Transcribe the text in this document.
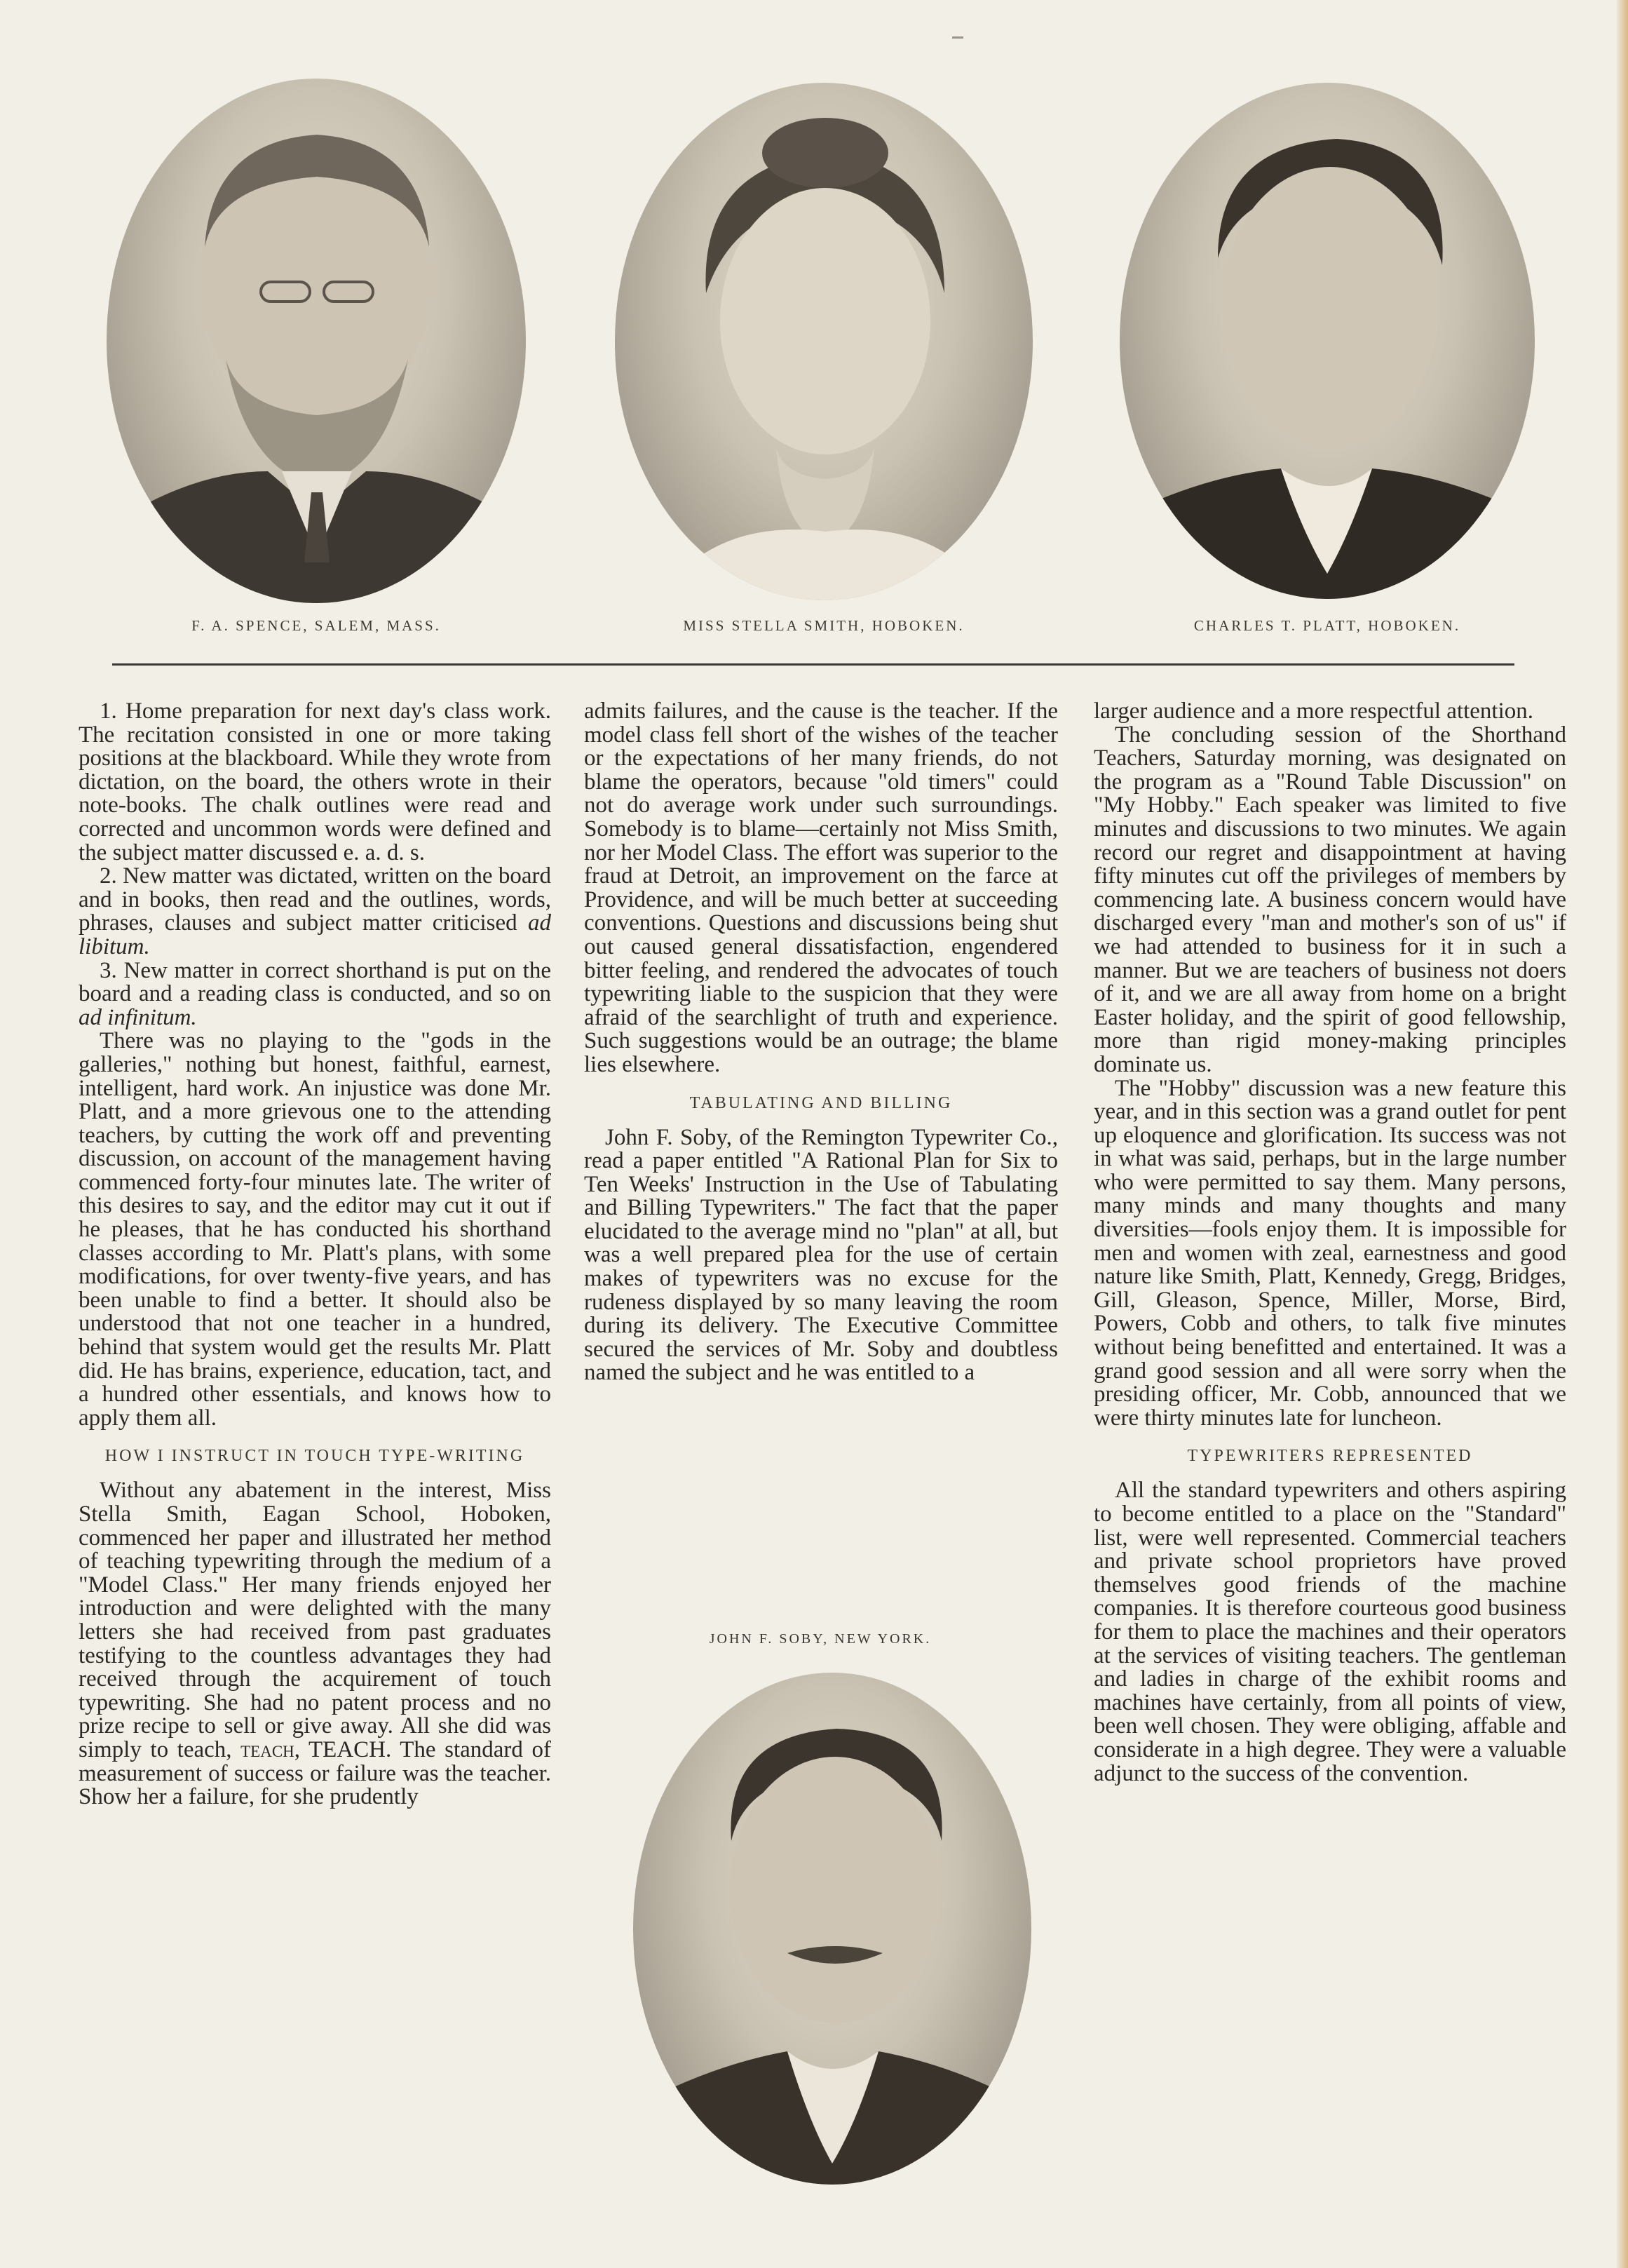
F. A. SPENCE, SALEM, MASS.	MISS STELLA SMITH, HOBOKEN.	CHARLES T. PLATT, HOBOKEN.

1. Home preparation for next day's class work. The recitation consisted in one or more taking positions at the blackboard. While they wrote from dictation, on the board, the others wrote in their note-books. The chalk outlines were read and corrected and uncommon words were defined and the subject matter discussed e. a. d. s.

2. New matter was dictated, written on the board and in books, then read and the outlines, words, phrases, clauses and subject matter criticised ad libitum.

3. New matter in correct shorthand is put on the board and a reading class is conducted, and so on ad infinitum.

There was no playing to the "gods in the galleries," nothing but honest, faithful, earnest, intelligent, hard work. An injustice was done Mr. Platt, and a more grievous one to the attending teachers, by cutting the work off and preventing discussion, on account of the management having commenced forty-four minutes late. The writer of this desires to say, and the editor may cut it out if he pleases, that he has conducted his shorthand classes according to Mr. Platt's plans, with some modifications, for over twenty-five years, and has been unable to find a better. It should also be understood that not one teacher in a hundred, behind that system would get the results Mr. Platt did. He has brains, experience, education, tact, and a hundred other essentials, and knows how to apply them all.

HOW I INSTRUCT IN TOUCH TYPE-WRITING

Without any abatement in the interest, Miss Stella Smith, Eagan School, Hoboken, commenced her paper and illustrated her method of teaching typewriting through the medium of a "Model Class." Her many friends enjoyed her introduction and were delighted with the many letters she had received from past graduates testifying to the countless advantages they had received through the acquirement of touch typewriting. She had no patent process and no prize recipe to sell or give away. All she did was simply to teach, teach, TEACH. The standard of measurement of success or failure was the teacher. Show her a failure, for she prudently

admits failures, and the cause is the teacher. If the model class fell short of the wishes of the teacher or the expectations of her many friends, do not blame the operators, because "old timers" could not do average work under such surroundings. Somebody is to blame—certainly not Miss Smith, nor her Model Class. The effort was superior to the fraud at Detroit, an improvement on the farce at Providence, and will be much better at succeeding conventions. Questions and discussions being shut out caused general dissatisfaction, engendered bitter feeling, and rendered the advocates of touch typewriting liable to the suspicion that they were afraid of the searchlight of truth and experience. Such suggestions would be an outrage; the blame lies elsewhere.

TABULATING AND BILLING

John F. Soby, of the Remington Typewriter Co., read a paper entitled "A Rational Plan for Six to Ten Weeks' Instruction in the Use of Tabulating and Billing Typewriters." The fact that the paper elucidated to the average mind no "plan" at all, but was a well prepared plea for the use of certain makes of typewriters was no excuse for the rudeness displayed by so many leaving the room during its delivery. The Executive Committee secured the services of Mr. Soby and doubtless named the subject and he was entitled to a

JOHN F. SOBY, NEW YORK.

larger audience and a more respectful attention.

The concluding session of the Shorthand Teachers, Saturday morning, was designated on the program as a "Round Table Discussion" on "My Hobby." Each speaker was limited to five minutes and discussions to two minutes. We again record our regret and disappointment at having fifty minutes cut off the privileges of members by commencing late. A business concern would have discharged every "man and mother's son of us" if we had attended to business for it in such a manner. But we are teachers of business not doers of it, and we are all away from home on a bright Easter holiday, and the spirit of good fellowship, more than rigid money-making principles dominate us.

The "Hobby" discussion was a new feature this year, and in this section was a grand outlet for pent up eloquence and glorification. Its success was not in what was said, perhaps, but in the large number who were permitted to say them. Many persons, many minds and many thoughts and many diversities—fools enjoy them. It is impossible for men and women with zeal, earnestness and good nature like Smith, Platt, Kennedy, Gregg, Bridges, Gill, Gleason, Spence, Miller, Morse, Bird, Powers, Cobb and others, to talk five minutes without being benefitted and entertained. It was a grand good session and all were sorry when the presiding officer, Mr. Cobb, announced that we were thirty minutes late for luncheon.

TYPEWRITERS REPRESENTED

All the standard typewriters and others aspiring to become entitled to a place on the "Standard" list, were well represented. Commercial teachers and private school proprietors have proved themselves good friends of the machine companies. It is therefore courteous good business for them to place the machines and their operators at the services of visiting teachers. The gentleman and ladies in charge of the exhibit rooms and machines have certainly, from all points of view, been well chosen. They were obliging, affable and considerate in a high degree. They were a valuable adjunct to the success of the convention.
